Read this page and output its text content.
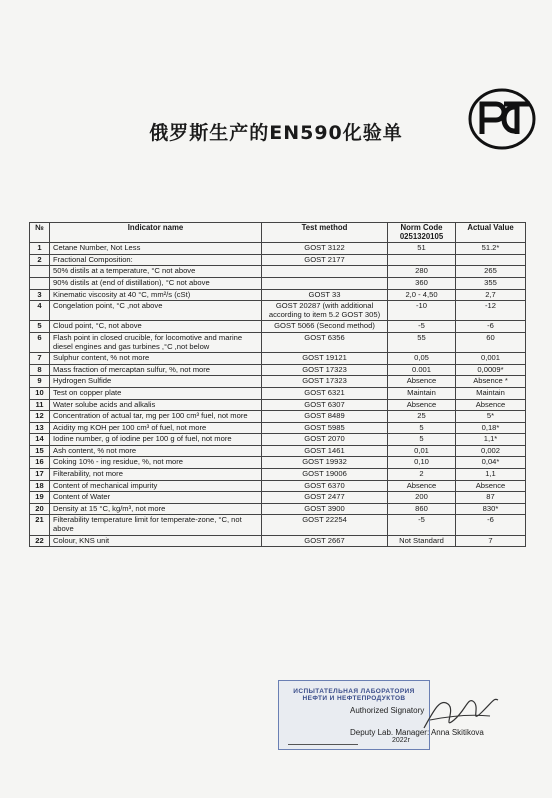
俄罗斯生产的EN590化验单
№	Indicator name	Test method	Norm Code 0251320105	Actual Value
1	Cetane Number, Not Less	GOST 3122	51	51.2*
2	Fractional Composition:	GOST 2177		
	50% distils at a temperature, °C not above		280	265
	90% distils at (end of distillation), °C not above		360	355
3	Kinematic viscosity at 40 °C, mm²/s (cSt)	GOST 33	2,0 - 4,50	2,7
4	Congelation point, °C ,not above	GOST 20287 (with additional according to item 5.2 GOST 305)	-10	-12
5	Cloud point, °C, not above	GOST 5066 (Second method)	-5	-6
6	Flash point in closed crucible, for locomotive and marine diesel engines and gas turbines ,°C ,not below	GOST 6356	55	60
7	Sulphur content, % not more	GOST 19121	0,05	0,001
8	Mass fraction of mercaptan sulfur, %, not more	GOST 17323	0.001	0,0009*
9	Hydrogen Sulfide	GOST 17323	Absence	Absence *
10	Test on copper plate	GOST 6321	Maintain	Maintain
11	Water solube acids and alkalis	GOST 6307	Absence	Absence
12	Concentration of actual tar, mg per 100 cm³ fuel, not more	GOST 8489	25	5*
13	Acidity mg KOH per 100 cm³ of fuel, not more	GOST 5985	5	0,18*
14	Iodine number, g of iodine per 100 g of fuel, not more	GOST 2070	5	1,1*
15	Ash content, % not more	GOST 1461	0,01	0,002
16	Coking 10% - ing residue, %, not more	GOST 19932	0,10	0,04*
17	Filterability, not more	GOST 19006	2	1,1
18	Content of mechanical impurity	GOST 6370	Absence	Absence
19	Content of Water	GOST 2477	200	87
20	Density at 15 °C, kg/m³, not more	GOST 3900	860	830*
21	Filterability temperature limit for temperate-zone, °C, not above	GOST 22254	-5	-6
22	Colour, KNS unit	GOST 2667	Not Standard	7
ИСПЫТАТЕЛЬНАЯ ЛАБОРАТОРИЯ
НЕФТИ И НЕФТЕПРОДУКТОВ
Authorized Signatory
Deputy Lab. Manager: Anna Skitikova
2022г
